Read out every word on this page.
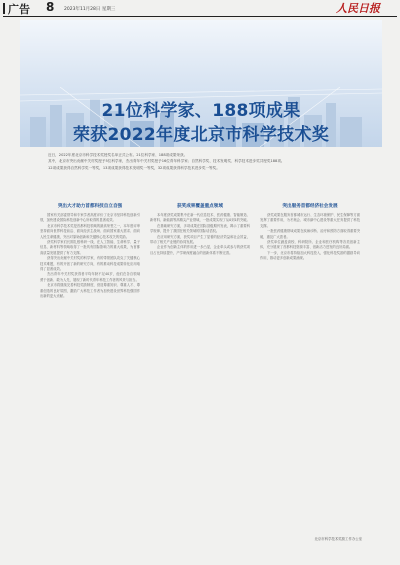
广告 8 2023年11月28日 星期三	人民日报
21位科学家、188项成果
荣获2022年度北京市科学技术奖

近日，2022年度北京市科学技术奖授奖名单正式公布。21位科学家、188项成果荣获。

其中，北京市突出贡献中关村奖授予5位科学家，杰出青年中关村奖授予16位青年科学家；自然科学奖、技术发明奖、科学技术进步奖共授奖188项。

12项成果获得自然科学奖一等奖，13项成果获得技术发明奖一等奖，32项成果获得科学技术进步奖一等奖。

突出大才助力首都科技自立自强

国家有关部委领导和专家学者高度评价了北京市坚持科技创新引领，加快建设国际科技创新中心所取得的显著成效。

北京市科学技术奖是首都科技领域的最高荣誉之一，本年度评审坚持面向世界科技前沿、面向经济主战场、面向国家重大需求、面向人民生命健康，突出对原始创新和关键核心技术攻关的奖励。

获奖科学家们长期扎根科研一线，在人工智能、生命科学、量子信息、新材料等领域取得了一批具有国际影响力的重大成果，为首都高质量发展提供了有力支撑。

获得突出贡献中关村奖的科学家，有的带领团队攻克了关键核心技术难题，有的开创了新的研究方向，有的推动科技成果转化应用取得了显著成效。

杰出青年中关村奖获得者平均年龄不足40岁，他们在各自领域勇于创新、敢为人先，展现了新时代青年科技工作者的风采与担当。

北京市将继续完善科技奖励制度，营造尊重知识、尊重人才、尊重创造的良好氛围，激励广大科技工作者为加快建设世界科技强国作出新的更大贡献。

获奖成果覆盖重点领域

本年度获奖成果集中在新一代信息技术、医药健康、智能制造、新材料、新能源等高精尖产业领域，一批成果实现了从0到1的突破。

在基础研究方面，多项成果在国际顶级期刊发表，揭示了重要科学规律，提升了我国在相关领域的国际话语权。

在应用研究方面，获奖项目产生了显著的经济效益和社会效益，带动了相关产业链的协同发展。

企业作为创新主体的作用进一步凸显，企业牵头或参与的获奖项目占比持续提升，产学研深度融合的创新体系不断完善。

突出服务首都经济社会发展

获奖成果在服务首都城市运行、生态环境保护、民生保障等方面发挥了重要作用，为冬奥会、城市副中心建设等重大任务提供了科技支撑。

一批医药健康领域成果在疾病诊断、治疗和预防方面取得重要突破，惠及广大患者。

获奖单位涵盖高校、科研院所、企业和医疗机构等各类创新主体，充分展现了首都科技资源丰富、创新活力迸发的良好局面。

下一步，北京市将持续加大科技投入，强化科技奖励的激励导向作用，推动更多创新成果涌现。

北京市科学技术奖励工作办公室
